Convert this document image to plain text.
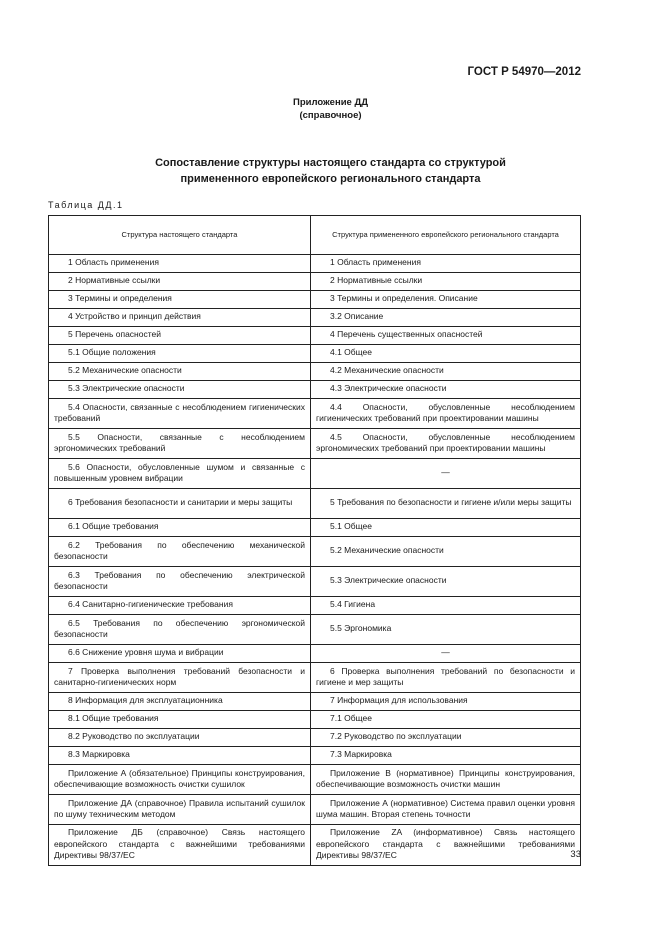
ГОСТ Р 54970—2012
Приложение ДД
(справочное)
Сопоставление структуры настоящего стандарта со структурой
примененного европейского регионального стандарта
Таблица ДД.1
Структура настоящего стандарта	Структура примененного европейского регионального стандарта
1 Область применения	1 Область применения
2 Нормативные ссылки	2 Нормативные ссылки
3 Термины и определения	3 Термины и определения. Описание
4 Устройство и принцип действия	3.2 Описание
5 Перечень опасностей	4 Перечень существенных опасностей
5.1 Общие положения	4.1 Общее
5.2 Механические опасности	4.2 Механические опасности
5.3 Электрические опасности	4.3 Электрические опасности
5.4 Опасности, связанные с несоблюдением гигиенических требований	4.4 Опасности, обусловленные несоблюдением гигиенических требований при проектировании машины
5.5 Опасности, связанные с несоблюдением эргономических требований	4.5 Опасности, обусловленные несоблюдением эргономических требований при проектировании машины
5.6 Опасности, обусловленные шумом и связанные с повышенным уровнем вибрации	—
6 Требования безопасности и санитарии и меры защиты	5 Требования по безопасности и гигиене и/или меры защиты
6.1 Общие требования	5.1 Общее
6.2 Требования по обеспечению механической безопасности	5.2 Механические опасности
6.3 Требования по обеспечению электрической безопасности	5.3 Электрические опасности
6.4 Санитарно-гигиенические требования	5.4 Гигиена
6.5 Требования по обеспечению эргономической безопасности	5.5 Эргономика
6.6 Снижение уровня шума и вибрации	—
7 Проверка выполнения требований безопасности и санитарно-гигиенических норм	6 Проверка выполнения требований по безопасности и гигиене и мер защиты
8 Информация для эксплуатационника	7 Информация для использования
8.1 Общие требования	7.1 Общее
8.2 Руководство по эксплуатации	7.2 Руководство по эксплуатации
8.3 Маркировка	7.3 Маркировка
Приложение А (обязательное) Принципы конструирования, обеспечивающие возможность очистки сушилок	Приложение В (нормативное) Принципы конструирования, обеспечивающие возможность очистки машин
Приложение ДА (справочное) Правила испытаний сушилок по шуму техническим методом	Приложение А (нормативное) Система правил оценки уровня шума машин. Вторая степень точности
Приложение ДБ (справочное) Связь настоящего европейского стандарта с важнейшими требованиями Директивы 98/37/ЕС	Приложение ZA (информативное) Связь настоящего европейского стандарта с важнейшими требованиями Директивы 98/37/ЕС	33
